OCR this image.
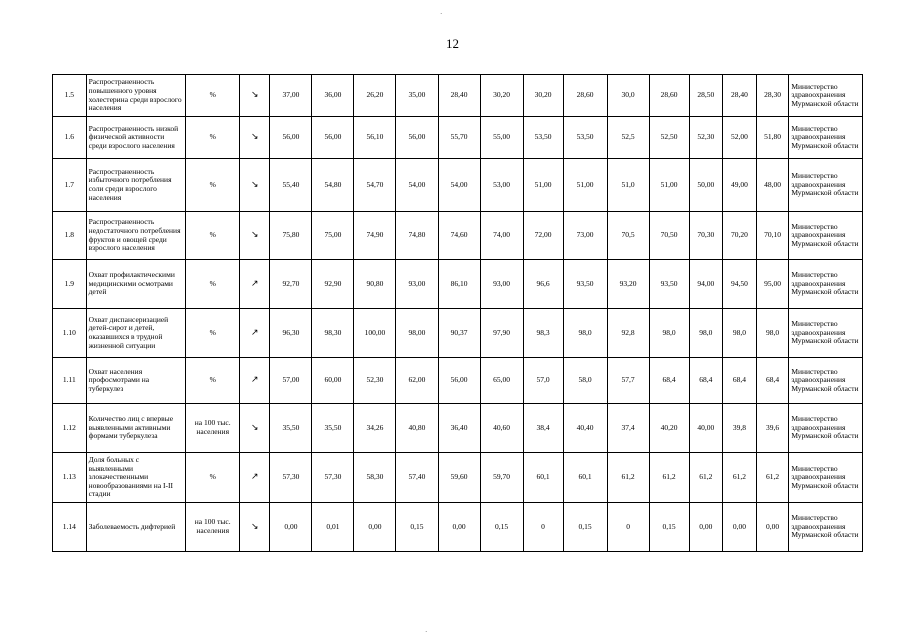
12
1.5	Распространенность повышенного уровня холестерина среди взрослого населения	%	↘	37,00	36,00	26,20	35,00	28,40	30,20	30,20	28,60	30,0	28,60	28,50	28,40	28,30	Министерство здравоохранения Мурманской области
1.6	Распространенность низкой физической активности среди взрослого населения	%	↘	56,00	56,00	56,10	56,00	55,70	55,00	53,50	53,50	52,5	52,50	52,30	52,00	51,80	Министерство здравоохранения Мурманской области
1.7	Распространенность избыточного потребления соли среди взрослого населения	%	↘	55,40	54,80	54,70	54,00	54,00	53,00	51,00	51,00	51,0	51,00	50,00	49,00	48,00	Министерство здравоохранения Мурманской области
1.8	Распространенность недостаточного потребления фруктов и овощей среди взрослого населения	%	↘	75,80	75,00	74,90	74,80	74,60	74,00	72,00	73,00	70,5	70,50	70,30	70,20	70,10	Министерство здравоохранения Мурманской области
1.9	Охват профилактическими медицинскими осмотрами детей	%	↗	92,70	92,90	90,80	93,00	86,10	93,00	96,6	93,50	93,20	93,50	94,00	94,50	95,00	Министерство здравоохранения Мурманской области
1.10	Охват диспансеризацией детей-сирот и детей, оказавшихся в трудной жизненной ситуации	%	↗	96,30	98,30	100,00	98,00	90,37	97,90	98,3	98,0	92,8	98,0	98,0	98,0	98,0	Министерство здравоохранения Мурманской области
1.11	Охват населения профосмотрами на туберкулез	%	↗	57,00	60,00	52,30	62,00	56,00	65,00	57,0	58,0	57,7	68,4	68,4	68,4	68,4	Министерство здравоохранения Мурманской области
1.12	Количество лиц с впервые выявленными активными формами туберкулеза	на 100 тыс. населения	↘	35,50	35,50	34,26	40,80	36,40	40,60	38,4	40,40	37,4	40,20	40,00	39,8	39,6	Министерство здравоохранения Мурманской области
1.13	Доля больных с выявленными злокачественными новообразованиями на I-II стадии	%	↗	57,30	57,30	58,30	57,40	59,60	59,70	60,1	60,1	61,2	61,2	61,2	61,2	61,2	Министерство здравоохранения Мурманской области
1.14	Заболеваемость дифтерией	на 100 тыс. населения	↘	0,00	0,01	0,00	0,15	0,00	0,15	0	0,15	0	0,15	0,00	0,00	0,00	Министерство здравоохранения Мурманской области
·
·
